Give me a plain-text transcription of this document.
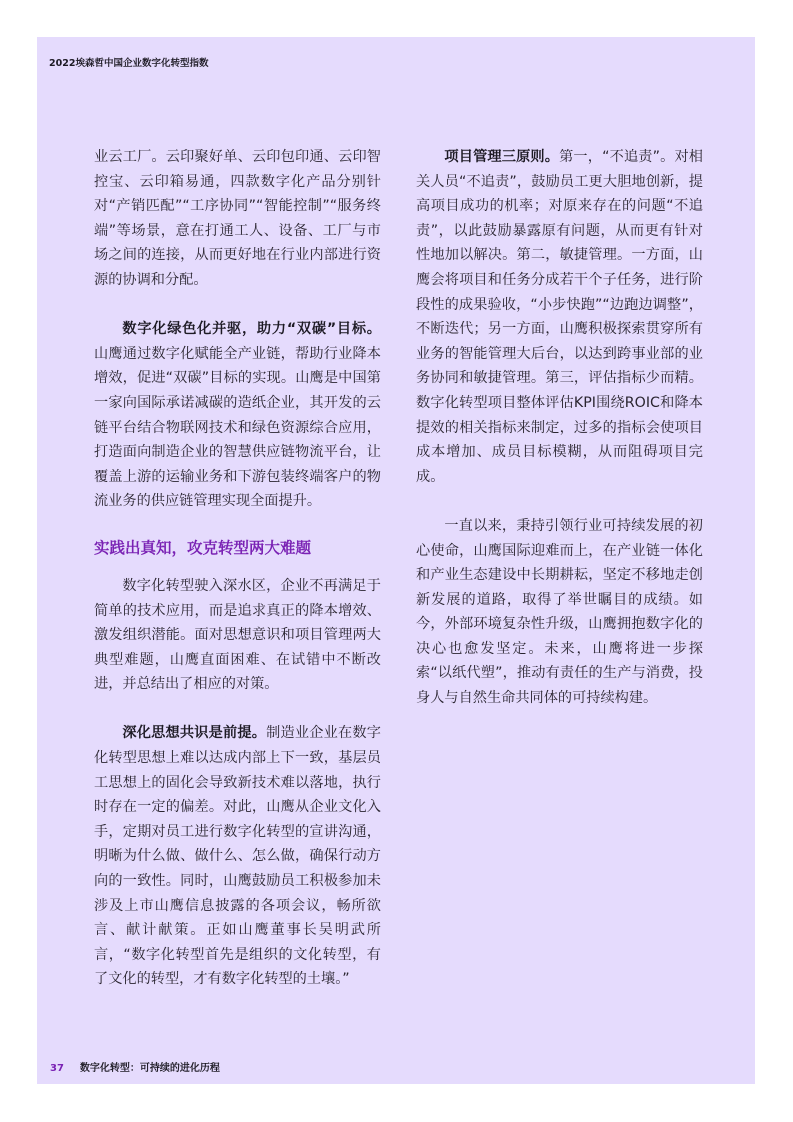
2022埃森哲中国企业数字化转型指数

业云工厂。云印聚好单、云印包印通、云印智控宝、云印箱易通，四款数字化产品分别针对“产销匹配”“工序协同”“智能控制”“服务终端”等场景，意在打通工人、设备、工厂与市场之间的连接，从而更好地在行业内部进行资源的协调和分配。

数字化绿色化并驱，助力“双碳”目标。山鹰通过数字化赋能全产业链，帮助行业降本增效，促进“双碳”目标的实现。山鹰是中国第一家向国际承诺减碳的造纸企业，其开发的云链平台结合物联网技术和绿色资源综合应用，打造面向制造企业的智慧供应链物流平台，让覆盖上游的运输业务和下游包装终端客户的物流业务的供应链管理实现全面提升。

实践出真知，攻克转型两大难题

数字化转型驶入深水区，企业不再满足于简单的技术应用，而是追求真正的降本增效、激发组织潜能。面对思想意识和项目管理两大典型难题，山鹰直面困难、在试错中不断改进，并总结出了相应的对策。

深化思想共识是前提。制造业企业在数字化转型思想上难以达成内部上下一致，基层员工思想上的固化会导致新技术难以落地，执行时存在一定的偏差。对此，山鹰从企业文化入手，定期对员工进行数字化转型的宣讲沟通，明晰为什么做、做什么、怎么做，确保行动方向的一致性。同时，山鹰鼓励员工积极参加未涉及上市山鹰信息披露的各项会议，畅所欲言、献计献策。正如山鹰董事长吴明武所言，“数字化转型首先是组织的文化转型，有了文化的转型，才有数字化转型的土壤。”

项目管理三原则。第一，“不追责”。对相关人员“不追责”，鼓励员工更大胆地创新，提高项目成功的机率；对原来存在的问题“不追责”，以此鼓励暴露原有问题，从而更有针对性地加以解决。第二，敏捷管理。一方面，山鹰会将项目和任务分成若干个子任务，进行阶段性的成果验收，“小步快跑”“边跑边调整”，不断迭代；另一方面，山鹰积极探索贯穿所有业务的智能管理大后台，以达到跨事业部的业务协同和敏捷管理。第三，评估指标少而精。数字化转型项目整体评估KPI围绕ROIC和降本提效的相关指标来制定，过多的指标会使项目成本增加、成员目标模糊，从而阻碍项目完成。

一直以来，秉持引领行业可持续发展的初心使命，山鹰国际迎难而上，在产业链一体化和产业生态建设中长期耕耘，坚定不移地走创新发展的道路，取得了举世瞩目的成绩。如今，外部环境复杂性升级，山鹰拥抱数字化的决心也愈发坚定。未来，山鹰将进一步探索“以纸代塑”，推动有责任的生产与消费，投身人与自然生命共同体的可持续构建。

37 数字化转型：可持续的进化历程
